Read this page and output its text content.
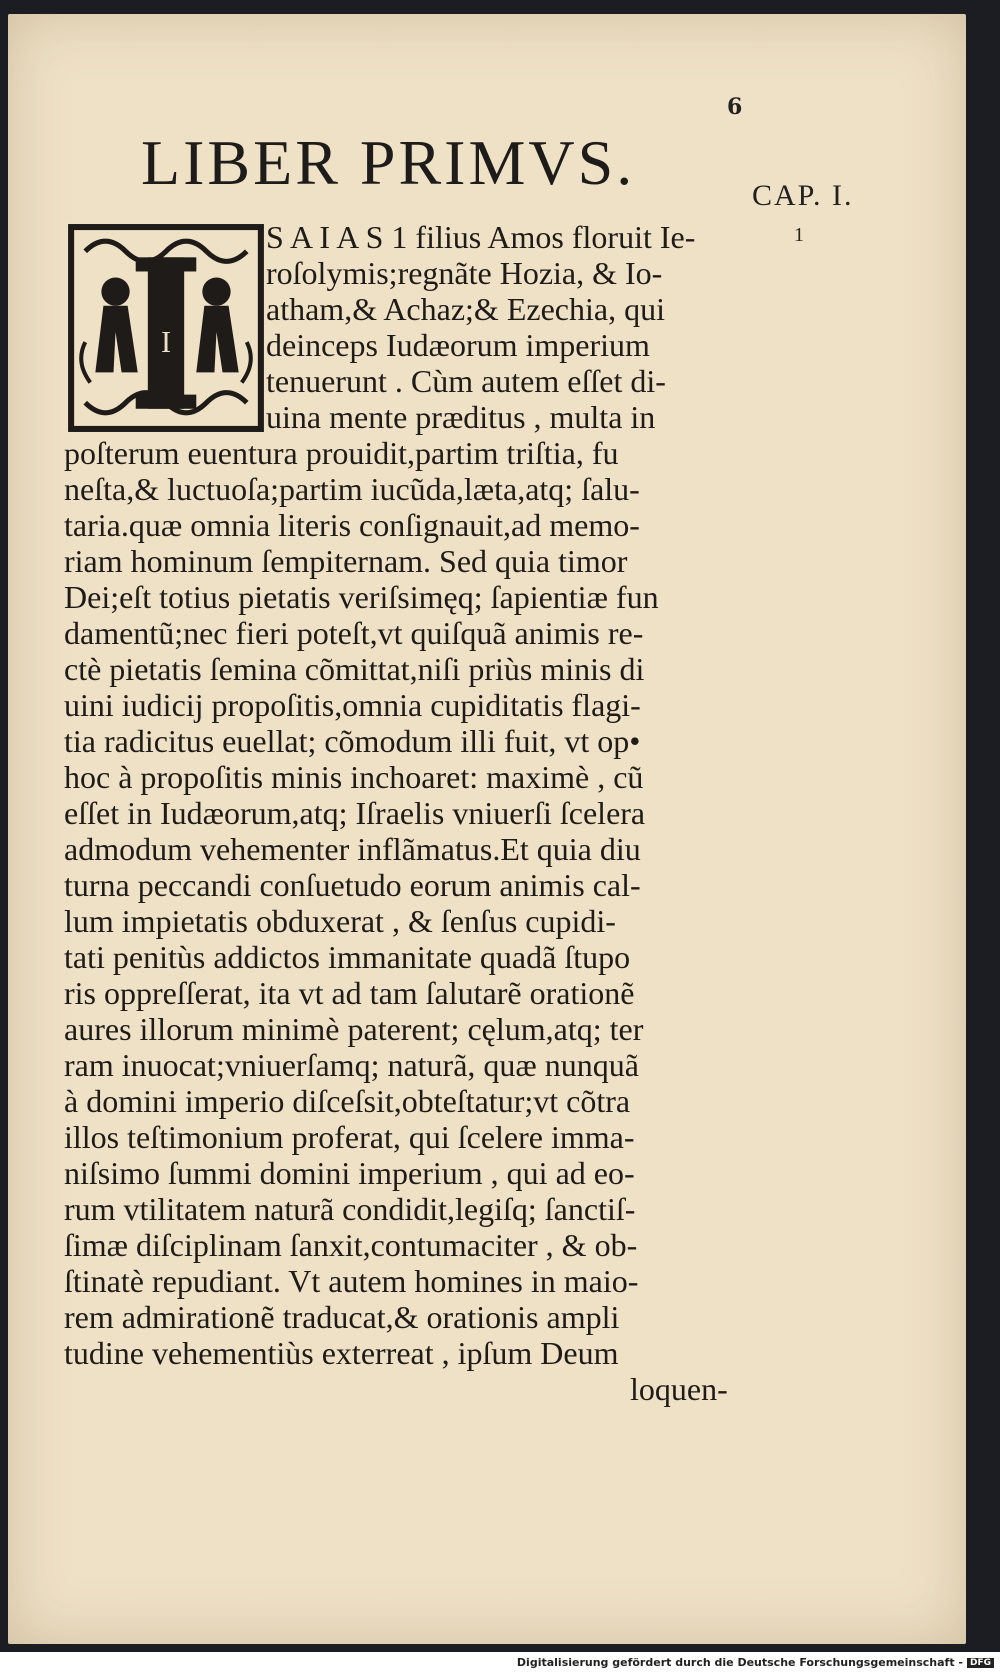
6
LIBER PRIMVS.	CAP. I.
1
I
S A I A S 1 filius Amos floruit Ie-
roſolymis;regnãte Hozia, & Io-
atham,& Achaz;& Ezechia, qui
deinceps Iudæorum imperium
tenuerunt . Cùm autem eſſet di-
uina mente prӕditus , multa in
poſterum euentura prouidit,partim triſtia, fu
neſta,& luctuoſa;partim iucũda,læta,atq; ſalu-
taria.quæ omnia literis conſignauit,ad memo-
riam hominum ſempiternam. Sed quia timor
Dei;eſt totius pietatis veriſsimęq; ſapientiæ fun
damentũ;nec fieri poteſt,vt quiſquã animis re-
ctè pietatis ſemina cõmittat,niſi priùs minis di
uini iudicij propoſitis,omnia cupiditatis flagi-
tia radicitus euellat; cõmodum illi fuit, vt op•
hoc à propoſitis minis inchoaret: maximè , cũ
eſſet in Iudæorum,atq; Iſraelis vniuerſi ſcelera
admodum vehementer inflãmatus.Et quia diu
turna peccandi conſuetudo eorum animis cal-
lum impietatis obduxerat , & ſenſus cupidi-
tati penitùs addictos immanitate quadã ſtupo
ris oppreſſerat, ita vt ad tam ſalutarẽ orationẽ
aures illorum minimè paterent; cęlum,atq; ter
ram inuocat;vniuerſamq; naturã, quæ nunquã
à domini imperio diſceſsit,obteſtatur;vt cõtra
illos teſtimonium proferat, qui ſcelere imma-
niſsimo ſummi domini imperium , qui ad eo-
rum vtilitatem naturã condidit,legiſq; ſanctiſ-
ſimæ diſciplinam ſanxit,contumaciter , & ob-
ſtinatè repudiant. Vt autem homines in maio-
rem admirationẽ traducat,& orationis ampli
tudine vehementiùs exterreat , ipſum Deum
loquen-
Digitalisierung gefördert durch die Deutsche Forschungsgemeinschaft - DFG
